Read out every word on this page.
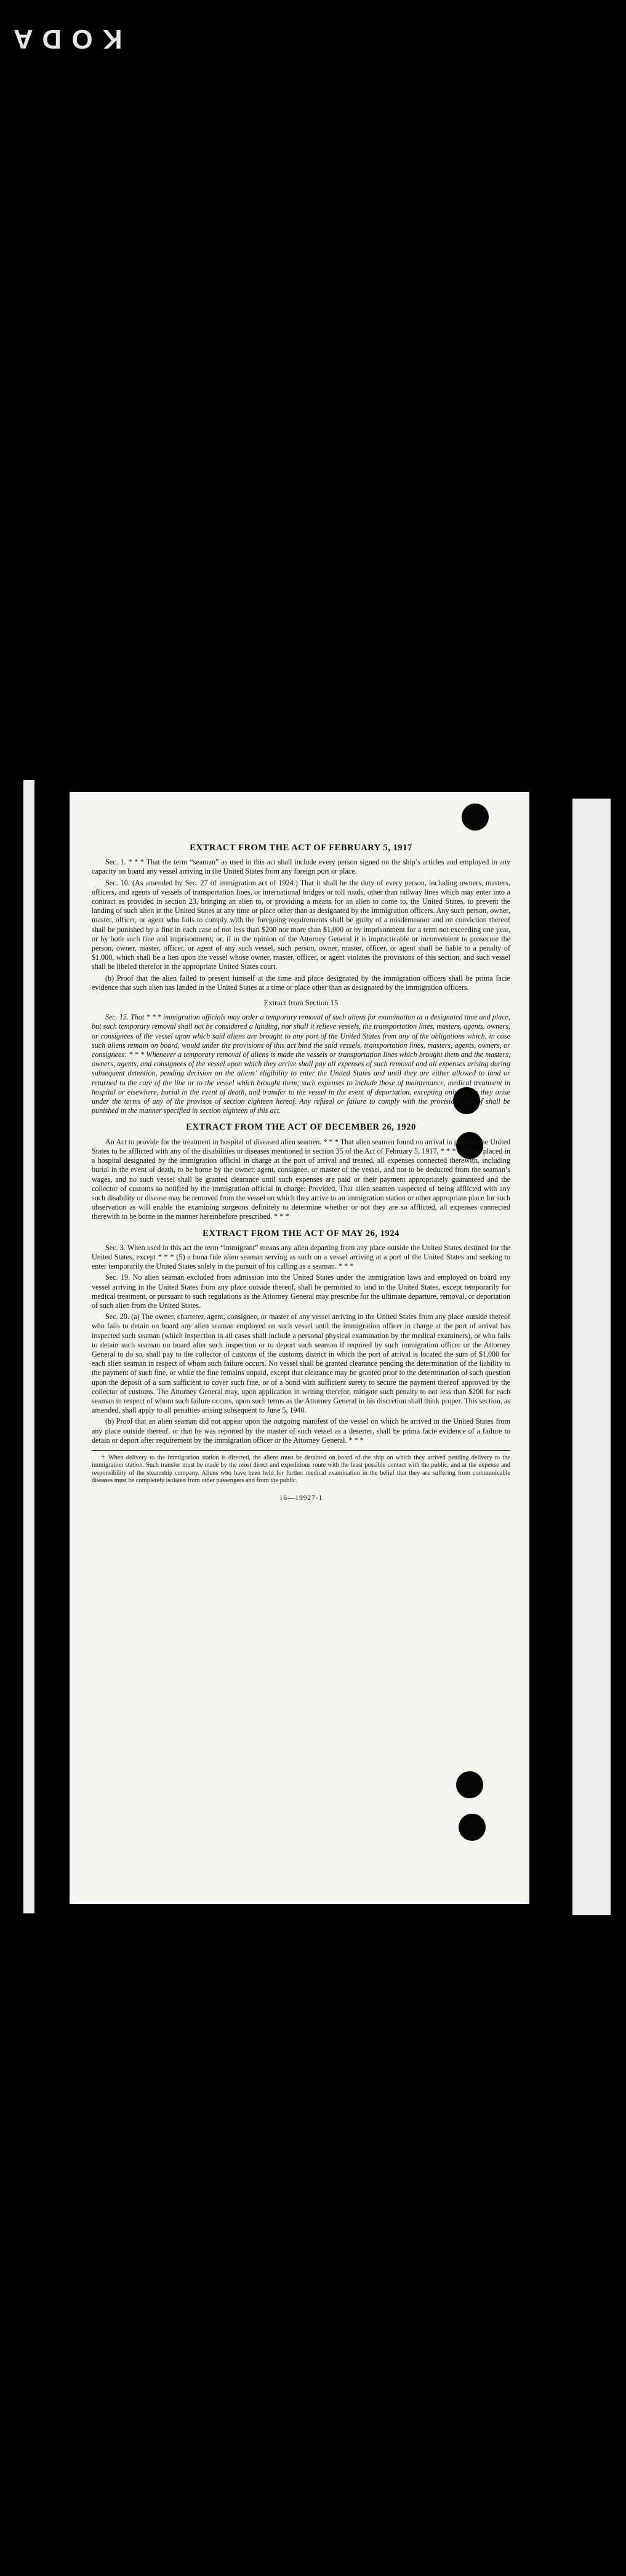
K O D A
EXTRACT FROM THE ACT OF FEBRUARY 5, 1917

Sec. 1. * * * That the term “seaman” as used in this act shall include every person signed on the ship’s articles and employed in any capacity on board any vessel arriving in the United States from any foreign port or place.

Sec. 10. (As amended by Sec. 27 of immigration act of 1924.) That it shall be the duty of every person, including owners, masters, officers, and agents of vessels of transportation lines, or international bridges or toll roads, other than railway lines which may enter into a contract as provided in section 23, bringing an alien to, or providing a means for an alien to come to, the United States, to prevent the landing of such alien in the United States at any time or place other than as designated by the immigration officers. Any such person, owner, master, officer, or agent who fails to comply with the foregoing requirements shall be guilty of a misdemeanor and on conviction thereof shall be punished by a fine in each case of not less than $200 nor more than $1,000 or by imprisonment for a term not exceeding one year, or by both such fine and imprisonment; or, if in the opinion of the Attorney General it is impracticable or inconvenient to prosecute the person, owner, master, officer, or agent of any such vessel, such person, owner, master, officer, or agent shall be liable to a penalty of $1,000, which shall be a lien upon the vessel whose owner, master, officer, or agent violates the provisions of this section, and such vessel shall be libeled therefor in the appropriate United States court.

(b) Proof that the alien failed to present himself at the time and place designated by the immigration officers shall be prima facie evidence that such alien has landed in the United States at a time or place other than as designated by the immigration officers.

Extract from Section 15

Sec. 15. That * * * immigration officials may order a temporary removal of such aliens for examination at a designated time and place, but such temporary removal shall not be considered a landing, nor shall it relieve vessels, the transportation lines, masters, agents, owners, or consignees of the vessel upon which said aliens are brought to any port of the United States from any of the obligations which, in case such aliens remain on board, would under the provisions of this act bind the said vessels, transportation lines, masters, agents, owners, or consignees: * * * Whenever a temporary removal of aliens is made the vessels or transportation lines which brought them and the masters, owners, agents, and consignees of the vessel upon which they arrive shall pay all expenses of such removal and all expenses arising during subsequent detention, pending decision on the aliens’ eligibility to enter the United States and until they are either allowed to land or returned to the care of the line or to the vessel which brought them; such expenses to include those of maintenance, medical treatment in hospital or elsewhere, burial in the event of death, and transfer to the vessel in the event of deportation, excepting only where they arise under the terms of any of the provisos of section eighteen hereof. Any refusal or failure to comply with the provisions hereof shall be punished in the manner specified in section eighteen of this act.

EXTRACT FROM THE ACT OF DECEMBER 26, 1920

An Act to provide for the treatment in hospital of diseased alien seamen. * * * That alien seamen found on arrival in ports of the United States to be afflicted with any of the disabilities or diseases mentioned in section 35 of the Act of February 5, 1917, * * * shall be placed in a hospital designated by the immigration official in charge at the port of arrival and treated, all expenses connected therewith, including burial in the event of death, to be borne by the owner, agent, consignee, or master of the vessel, and not to be deducted from the seaman’s wages, and no such vessel shall be granted clearance until such expenses are paid or their payment appropriately guaranteed and the collector of customs so notified by the immigration official in charge: Provided, That alien seamen suspected of being afflicted with any such disability or disease may be removed from the vessel on which they arrive to an immigration station or other appropriate place for such observation as will enable the examining surgeons definitely to determine whether or not they are so afflicted, all expenses connected therewith to be borne in the manner hereinbefore prescribed. * * *

EXTRACT FROM THE ACT OF MAY 26, 1924

Sec. 3. When used in this act the term “immigrant” means any alien departing from any place outside the United States destined for the United States, except * * * (5) a bona fide alien seaman serving as such on a vessel arriving at a port of the United States and seeking to enter temporarily the United States solely in the pursuit of his calling as a seaman. * * *

Sec. 19. No alien seaman excluded from admission into the United States under the immigration laws and employed on board any vessel arriving in the United States from any place outside thereof, shall be permitted to land in the United States, except temporarily for medical treatment, or pursuant to such regulations as the Attorney General may prescribe for the ultimate departure, removal, or deportation of such alien from the United States.

Sec. 20. (a) The owner, charterer, agent, consignee, or master of any vessel arriving in the United States from any place outside thereof who fails to detain on board any alien seaman employed on such vessel until the immigration officer in charge at the port of arrival has inspected such seaman (which inspection in all cases shall include a personal physical examination by the medical examiners), or who fails to detain such seaman on board after such inspection or to deport such seaman if required by such immigration officer or the Attorney General to do so, shall pay to the collector of customs of the customs district in which the port of arrival is located the sum of $1,000 for each alien seaman in respect of whom such failure occurs. No vessel shall be granted clearance pending the determination of the liability to the payment of such fine, or while the fine remains unpaid, except that clearance may be granted prior to the determination of such question upon the deposit of a sum sufficient to cover such fine, or of a bond with sufficient surety to secure the payment thereof approved by the collector of customs. The Attorney General may, upon application in writing therefor, mitigate such penalty to not less than $200 for each seaman in respect of whom such failure occurs, upon such terms as the Attorney General in his discretion shall think proper. This section, as amended, shall apply to all penalties arising subsequent to June 5, 1940.

(b) Proof that an alien seaman did not appear upon the outgoing manifest of the vessel on which he arrived in the United States from any place outside thereof, or that he was reported by the master of such vessel as a deserter, shall be prima facie evidence of a failure to detain or deport after requirement by the immigration officer or the Attorney General. * * *

† When delivery to the immigration station is directed, the aliens must be detained on board of the ship on which they arrived pending delivery to the immigration station. Such transfer must be made by the most direct and expeditious route with the least possible contact with the public, and at the expense and responsibility of the steamship company. Aliens who have been held for further medical examination in the belief that they are suffering from communicable diseases must be completely isolated from other passengers and from the public.

16—19927-1
